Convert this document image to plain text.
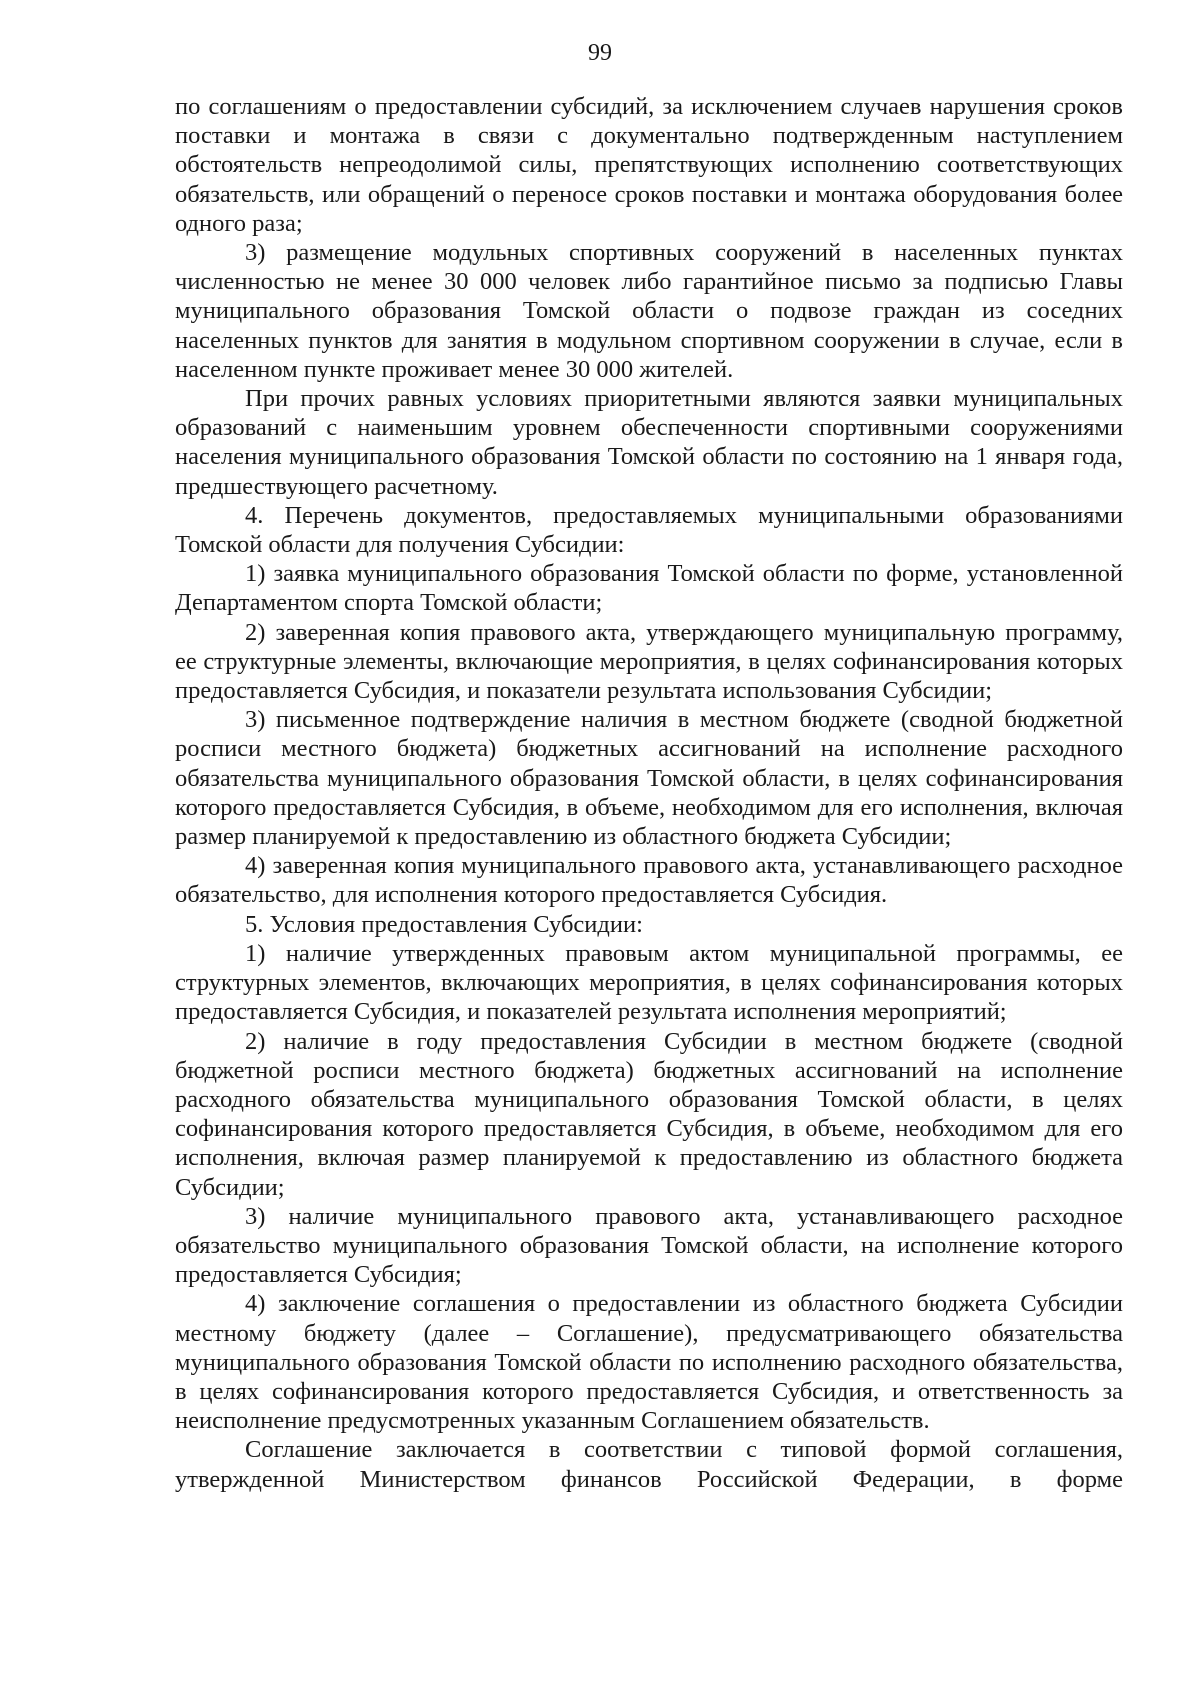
99

по соглашениям о предоставлении субсидий, за исключением случаев нарушения сроков поставки и монтажа в связи с документально подтвержденным наступлением обстоятельств непреодолимой силы, препятствующих исполнению соответствующих обязательств, или обращений о переносе сроков поставки и монтажа оборудования более одного раза;

3) размещение модульных спортивных сооружений в населенных пунктах численностью не менее 30 000 человек либо гарантийное письмо за подписью Главы муниципального образования Томской области о подвозе граждан из соседних населенных пунктов для занятия в модульном спортивном сооружении в случае, если в населенном пункте проживает менее 30 000 жителей.

При прочих равных условиях приоритетными являются заявки муниципальных образований с наименьшим уровнем обеспеченности спортивными сооружениями населения муниципального образования Томской области по состоянию на 1 января года, предшествующего расчетному.

4. Перечень документов, предоставляемых муниципальными образованиями Томской области для получения Субсидии:

1) заявка муниципального образования Томской области по форме, установленной Департаментом спорта Томской области;

2) заверенная копия правового акта, утверждающего муниципальную программу, ее структурные элементы, включающие мероприятия, в целях софинансирования которых предоставляется Субсидия, и показатели результата использования Субсидии;

3) письменное подтверждение наличия в местном бюджете (сводной бюджетной росписи местного бюджета) бюджетных ассигнований на исполнение расходного обязательства муниципального образования Томской области, в целях софинансирования которого предоставляется Субсидия, в объеме, необходимом для его исполнения, включая размер планируемой к предоставлению из областного бюджета Субсидии;

4) заверенная копия муниципального правового акта, устанавливающего расходное обязательство, для исполнения которого предоставляется Субсидия.

5. Условия предоставления Субсидии:

1) наличие утвержденных правовым актом муниципальной программы, ее структурных элементов, включающих мероприятия, в целях софинансирования которых предоставляется Субсидия, и показателей результата исполнения мероприятий;

2) наличие в году предоставления Субсидии в местном бюджете (сводной бюджетной росписи местного бюджета) бюджетных ассигнований на исполнение расходного обязательства муниципального образования Томской области, в целях софинансирования которого предоставляется Субсидия, в объеме, необходимом для его исполнения, включая размер планируемой к предоставлению из областного бюджета Субсидии;

3) наличие муниципального правового акта, устанавливающего расходное обязательство муниципального образования Томской области, на исполнение которого предоставляется Субсидия;

4) заключение соглашения о предоставлении из областного бюджета Субсидии местному бюджету (далее – Соглашение), предусматривающего обязательства муниципального образования Томской области по исполнению расходного обязательства, в целях софинансирования которого предоставляется Субсидия, и ответственность за неисполнение предусмотренных указанным Соглашением обязательств.

Соглашение заключается в соответствии с типовой формой соглашения, утвержденной Министерством финансов Российской Федерации, в форме
